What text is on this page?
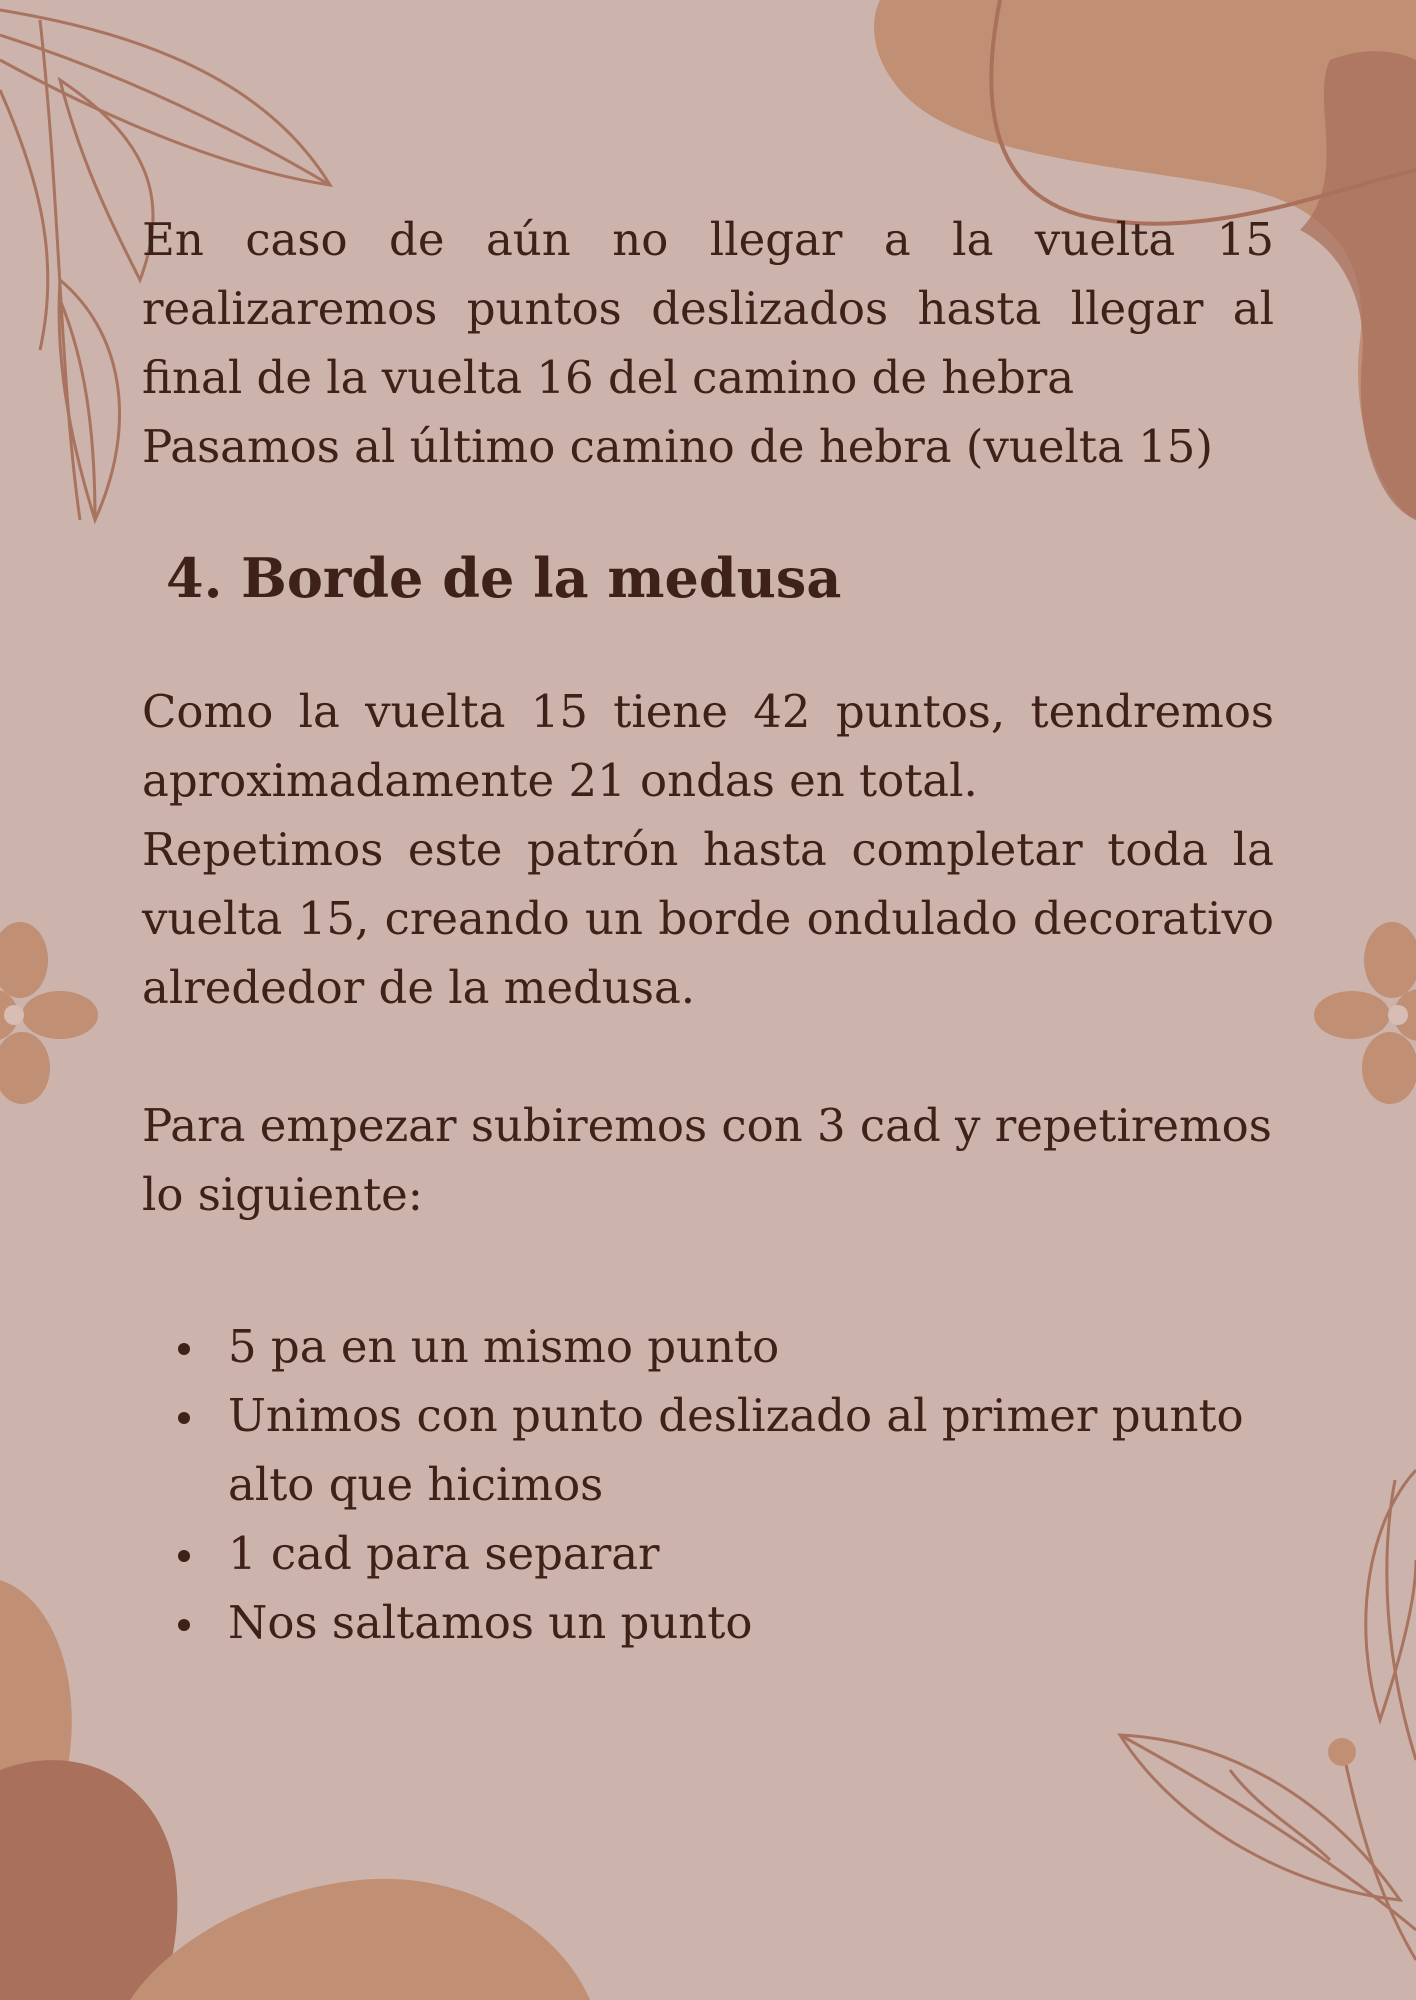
En caso de aún no llegar a la vuelta 15
realizaremos puntos deslizados hasta llegar al
final de la vuelta 16 del camino de hebra
Pasamos al último camino de hebra (vuelta 15)
4. Borde de la medusa
Como la vuelta 15 tiene 42 puntos, tendremos
aproximadamente 21 ondas en total.
Repetimos este patrón hasta completar toda la
vuelta 15, creando un borde ondulado decorativo
alrededor de la medusa.
Para empezar subiremos con 3 cad y repetiremos
lo siguiente:
5 pa en un mismo punto
Unimos con punto deslizado al primer punto
alto que hicimos
1 cad para separar
Nos saltamos un punto
